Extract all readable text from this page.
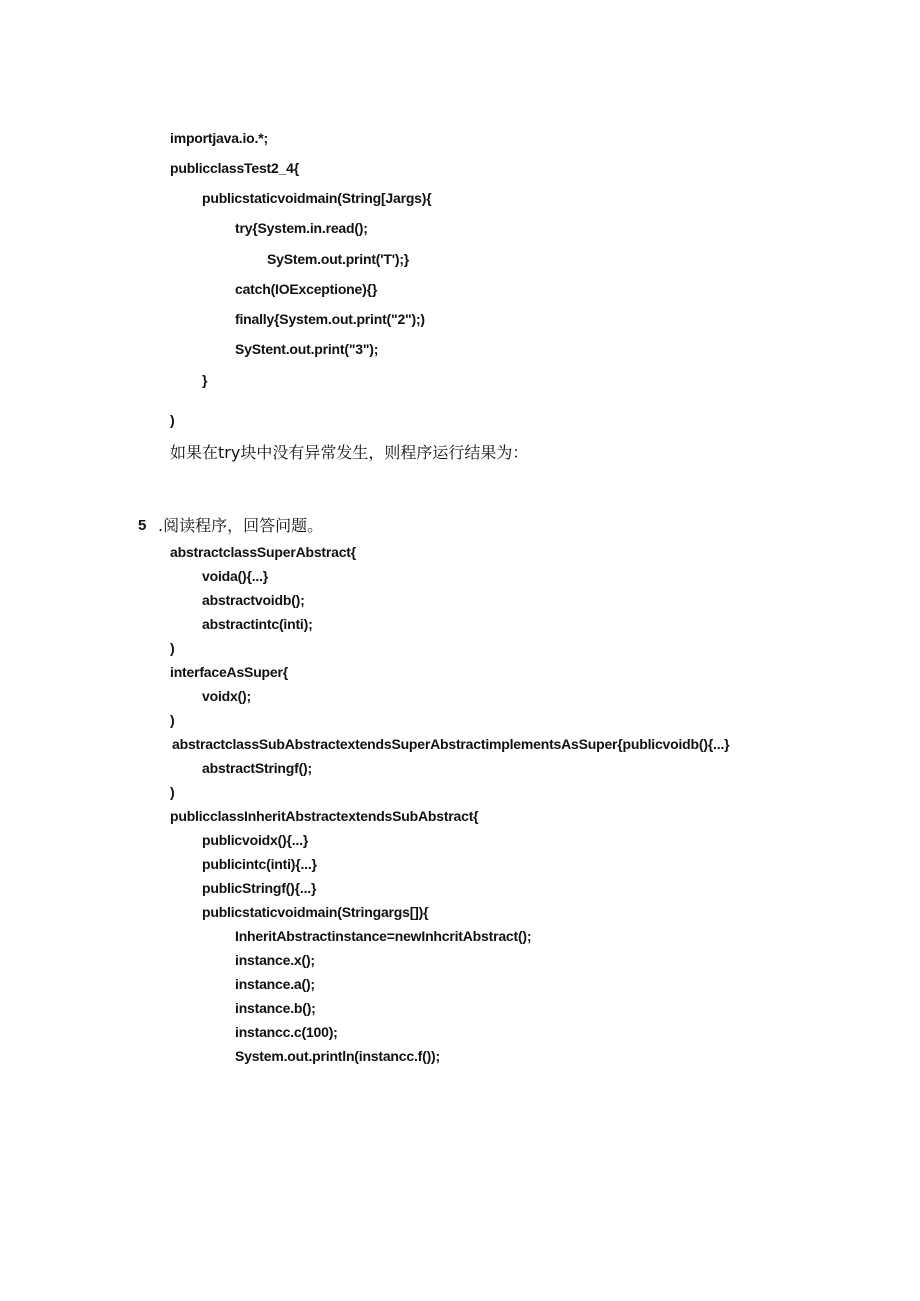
importjava.io.*;
publicclassTest2_4{
publicstaticvoidmain(String[Jargs){
try{System.in.read();
SyStem.out.print('T');}
catch(IOExceptione){}
finally{System.out.print("2");)
SyStent.out.print("3");
}
)
如果在try块中没有异常发生，则程序运行结果为：
5 .阅读程序，回答问题。
abstractclassSuperAbstract{
voida(){...}
abstractvoidb();
abstractintc(inti);
)
interfaceAsSuper{
voidx();
)
abstractclassSubAbstractextendsSuperAbstractimplementsAsSuper{publicvoidb(){...}
abstractStringf();
)
publicclassInheritAbstractextendsSubAbstract{
publicvoidx(){...}
publicintc(inti){...}
publicStringf(){...}
publicstaticvoidmain(Stringargs[]){
InheritAbstractinstance=newInhcritAbstract();
instance.x();
instance.a();
instance.b();
instancc.c(100);
System.out.println(instancc.f());
